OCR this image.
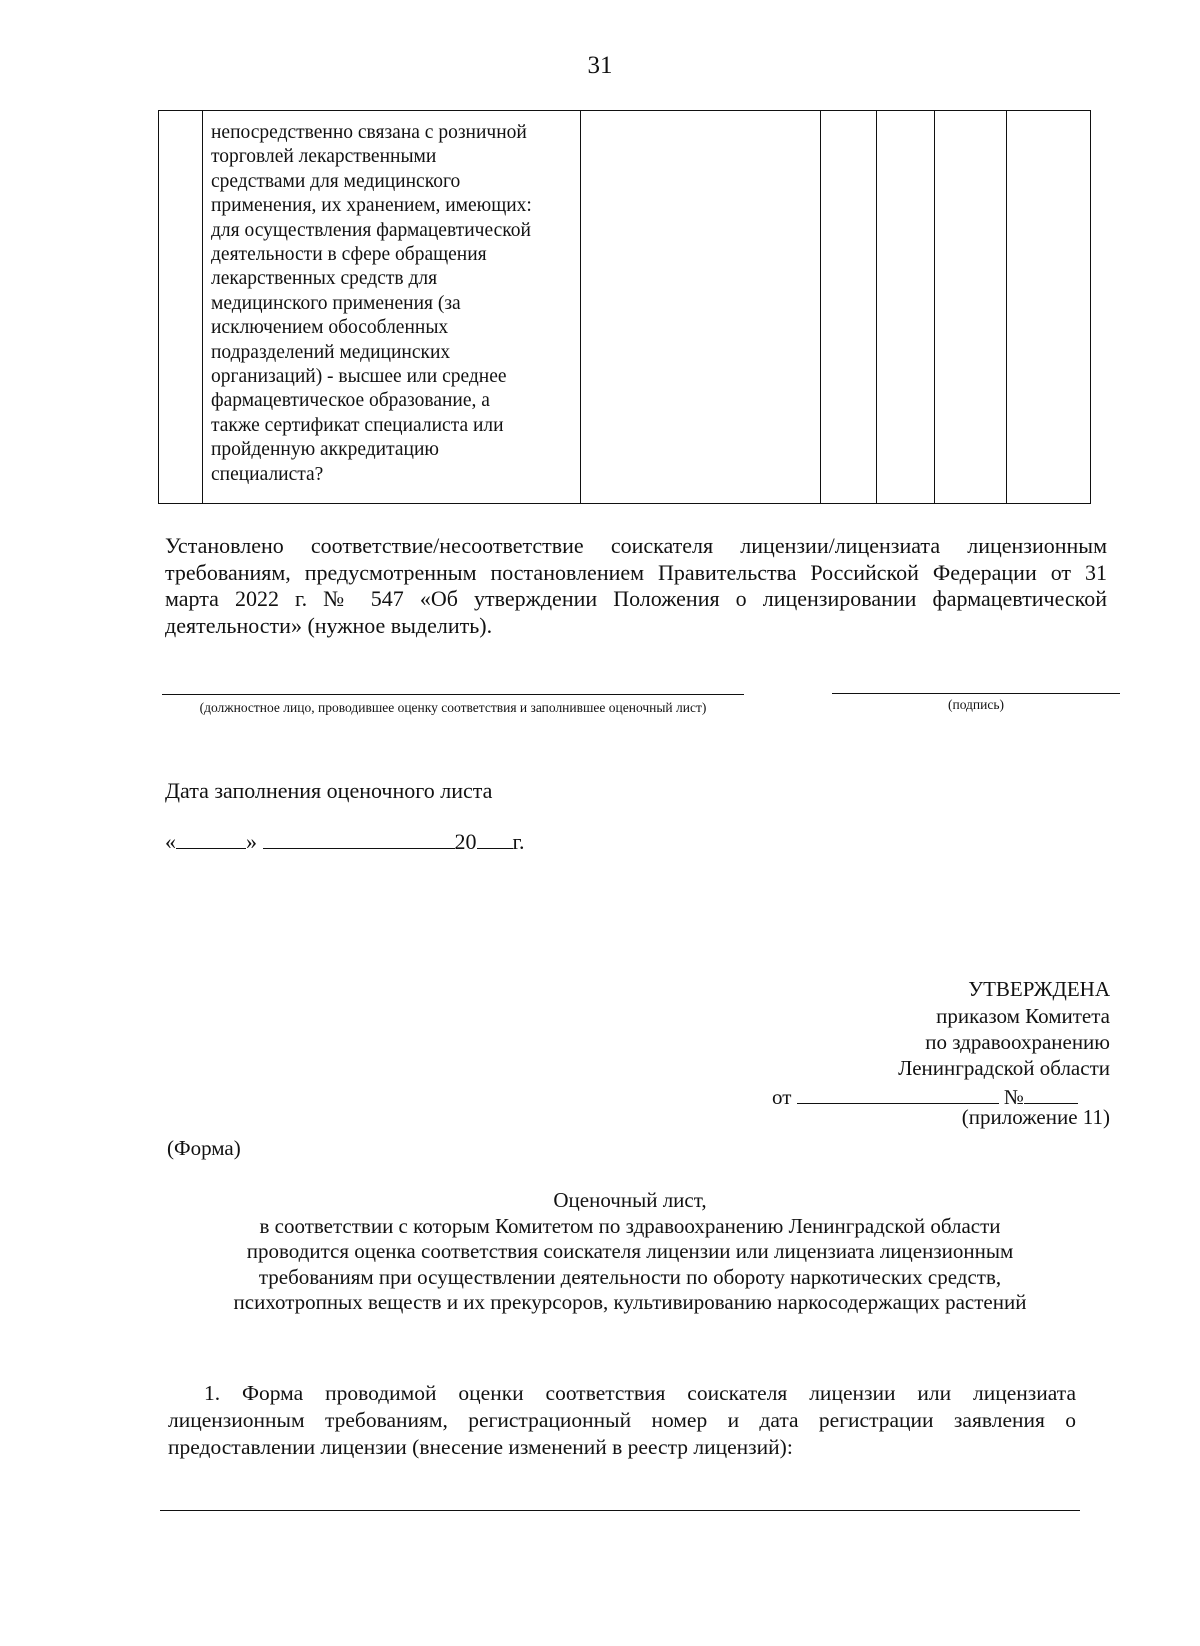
31

непосредственно связана с розничной
торговлей лекарственными
средствами для медицинского
применения, их хранением, имеющих:
для осуществления фармацевтической
деятельности в сфере обращения
лекарственных средств для
медицинского применения (за
исключением обособленных
подразделений медицинских
организаций) - высшее или среднее
фармацевтическое образование, а
также сертификат специалиста или
пройденную аккредитацию
специалиста?

Установлено соответствие/несоответствие соискателя лицензии/лицензиата лицензионным требованиям, предусмотренным постановлением Правительства Российской Федерации от 31 марта 2022 г. № 547 «Об утверждении Положения о лицензировании фармацевтической деятельности» (нужное выделить).
(должностное лицо, проводившее оценку соответствия и заполнившее оценочный лист)	(подпись)
Дата заполнения оценочного листа
«	»	20 г.
УТВЕРЖДЕНА
приказом Комитета
по здравоохранению
Ленинградской области
от	№
(приложение 11)
(Форма)
Оценочный лист,
в соответствии с которым Комитетом по здравоохранению Ленинградской области
проводится оценка соответствия соискателя лицензии или лицензиата лицензионным
требованиям при осуществлении деятельности по обороту наркотических средств,
психотропных веществ и их прекурсоров, культивированию наркосодержащих растений
1. Форма проводимой оценки соответствия соискателя лицензии или лицензиата лицензионным требованиям, регистрационный номер и дата регистрации заявления о предоставлении лицензии (внесение изменений в реестр лицензий):
